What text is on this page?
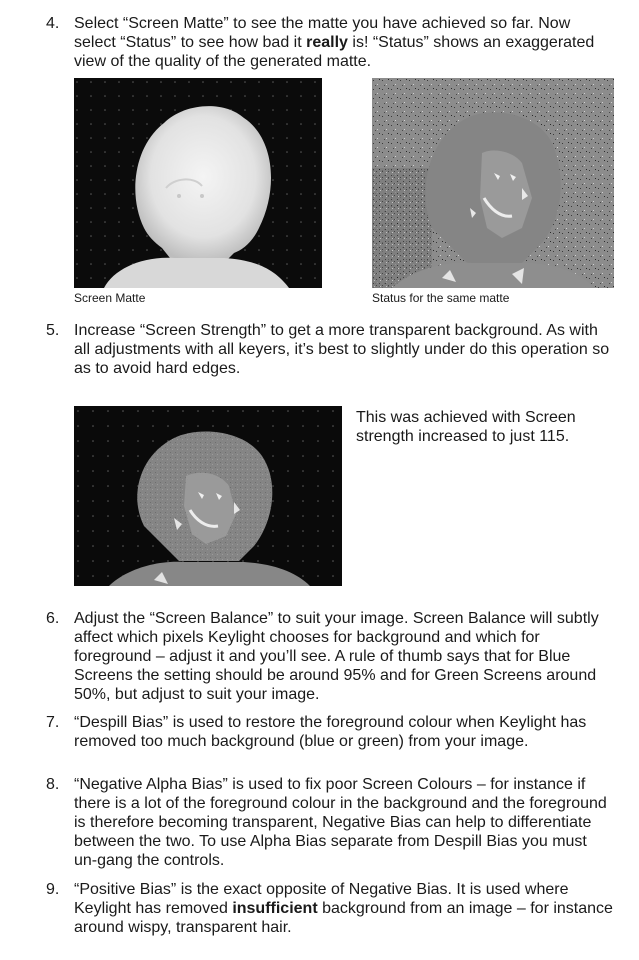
4. Select “Screen Matte” to see the matte you have achieved so far. Now select “Status” to see how bad it really is! “Status” shows an exaggerated view of the quality of the generated matte.
Screen Matte	Status for the same matte
5. Increase “Screen Strength” to get a more transparent background. As with all adjustments with all keyers, it’s best to slightly under do this operation so as to avoid hard edges.
This was achieved with Screen strength increased to just 115.
6. Adjust the “Screen Balance” to suit your image. Screen Balance will subtly affect which pixels Keylight chooses for background and which for foreground – adjust it and you’ll see. A rule of thumb says that for Blue Screens the setting should be around 95% and for Green Screens around 50%, but adjust to suit your image.
7. “Despill Bias” is used to restore the foreground colour when Keylight has removed too much background (blue or green) from your image.
8. “Negative Alpha Bias” is used to fix poor Screen Colours – for instance if there is a lot of the foreground colour in the background and the foreground is therefore becoming transparent, Negative Bias can help to differentiate between the two. To use Alpha Bias separate from Despill Bias you must un-gang the controls.
9. “Positive Bias” is the exact opposite of Negative Bias. It is used where Keylight has removed insufficient background from an image – for instance around wispy, transparent hair.
